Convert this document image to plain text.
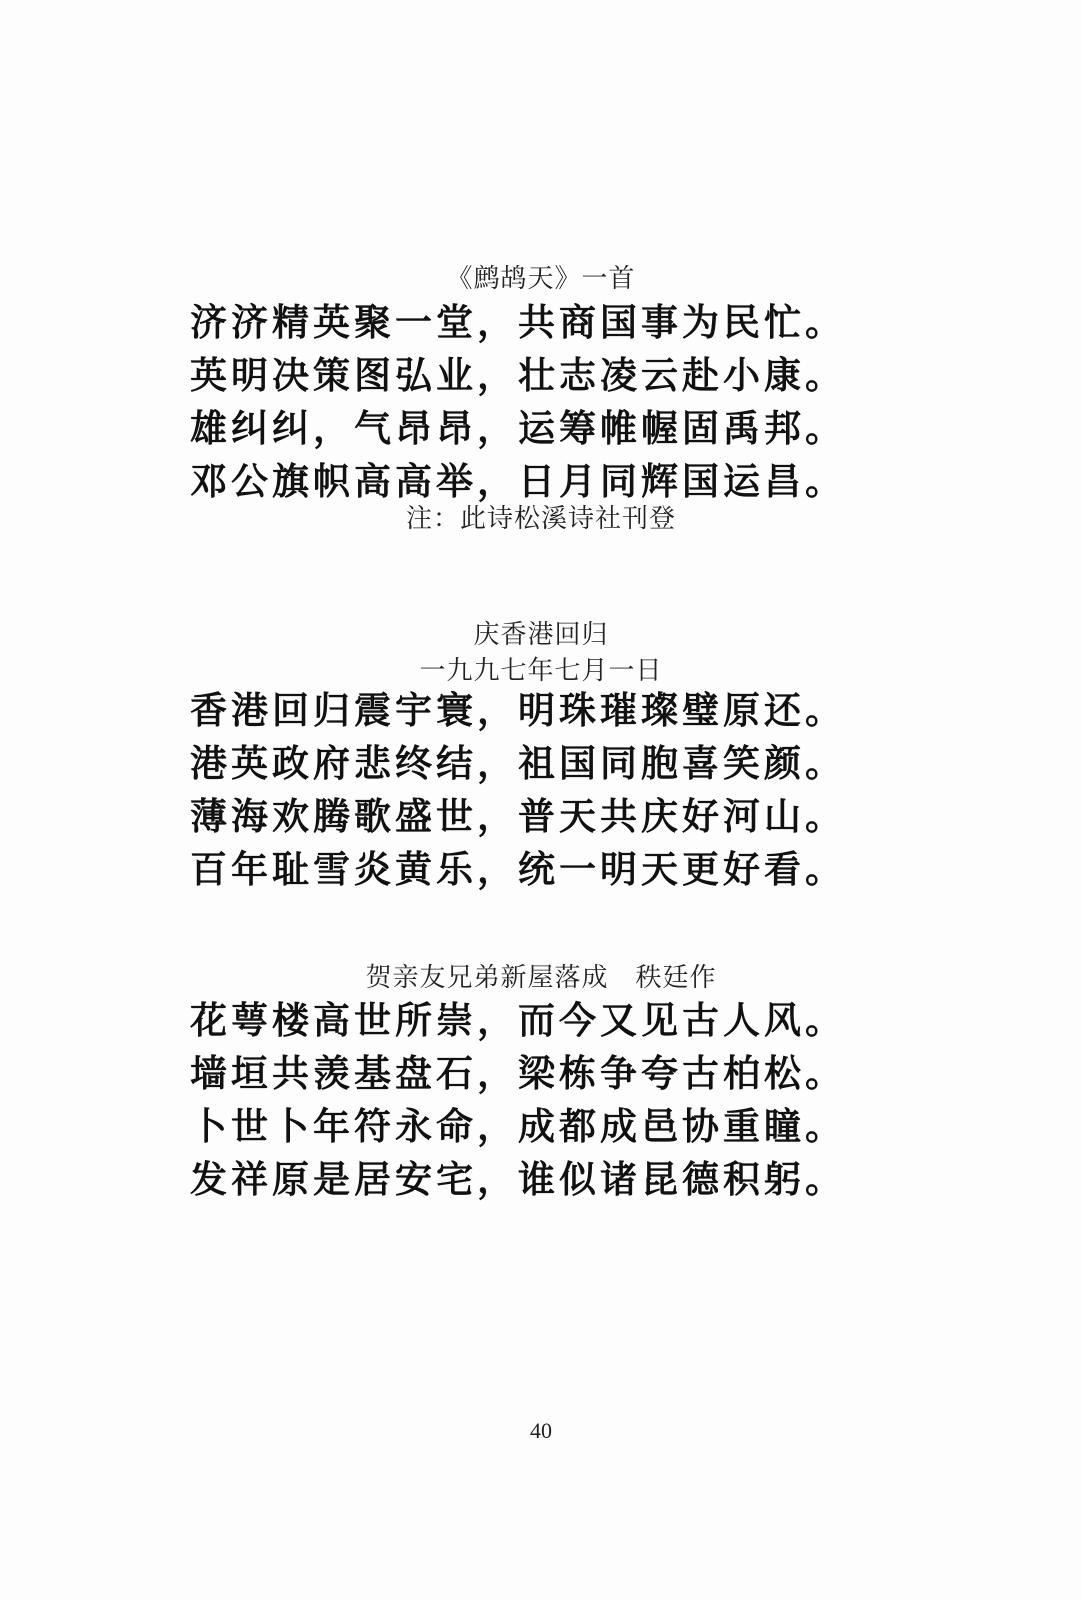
《鹧鸪天》一首
济济精英聚一堂，共商国事为民忙。
英明决策图弘业，壮志凌云赴小康。
雄纠纠，气昂昂，运筹帷幄固禹邦。
邓公旗帜高高举，日月同辉国运昌。
注：此诗松溪诗社刊登
庆香港回归
一九九七年七月一日
香港回归震宇寰，明珠璀璨璧原还。
港英政府悲终结，祖国同胞喜笑颜。
薄海欢腾歌盛世，普天共庆好河山。
百年耻雪炎黄乐，统一明天更好看。
贺亲友兄弟新屋落成　秩廷作
花萼楼高世所崇，而今又见古人风。
墙垣共羡基盘石，梁栋争夸古柏松。
卜世卜年符永命，成都成邑协重瞳。
发祥原是居安宅，谁似诸昆德积躬。
40
